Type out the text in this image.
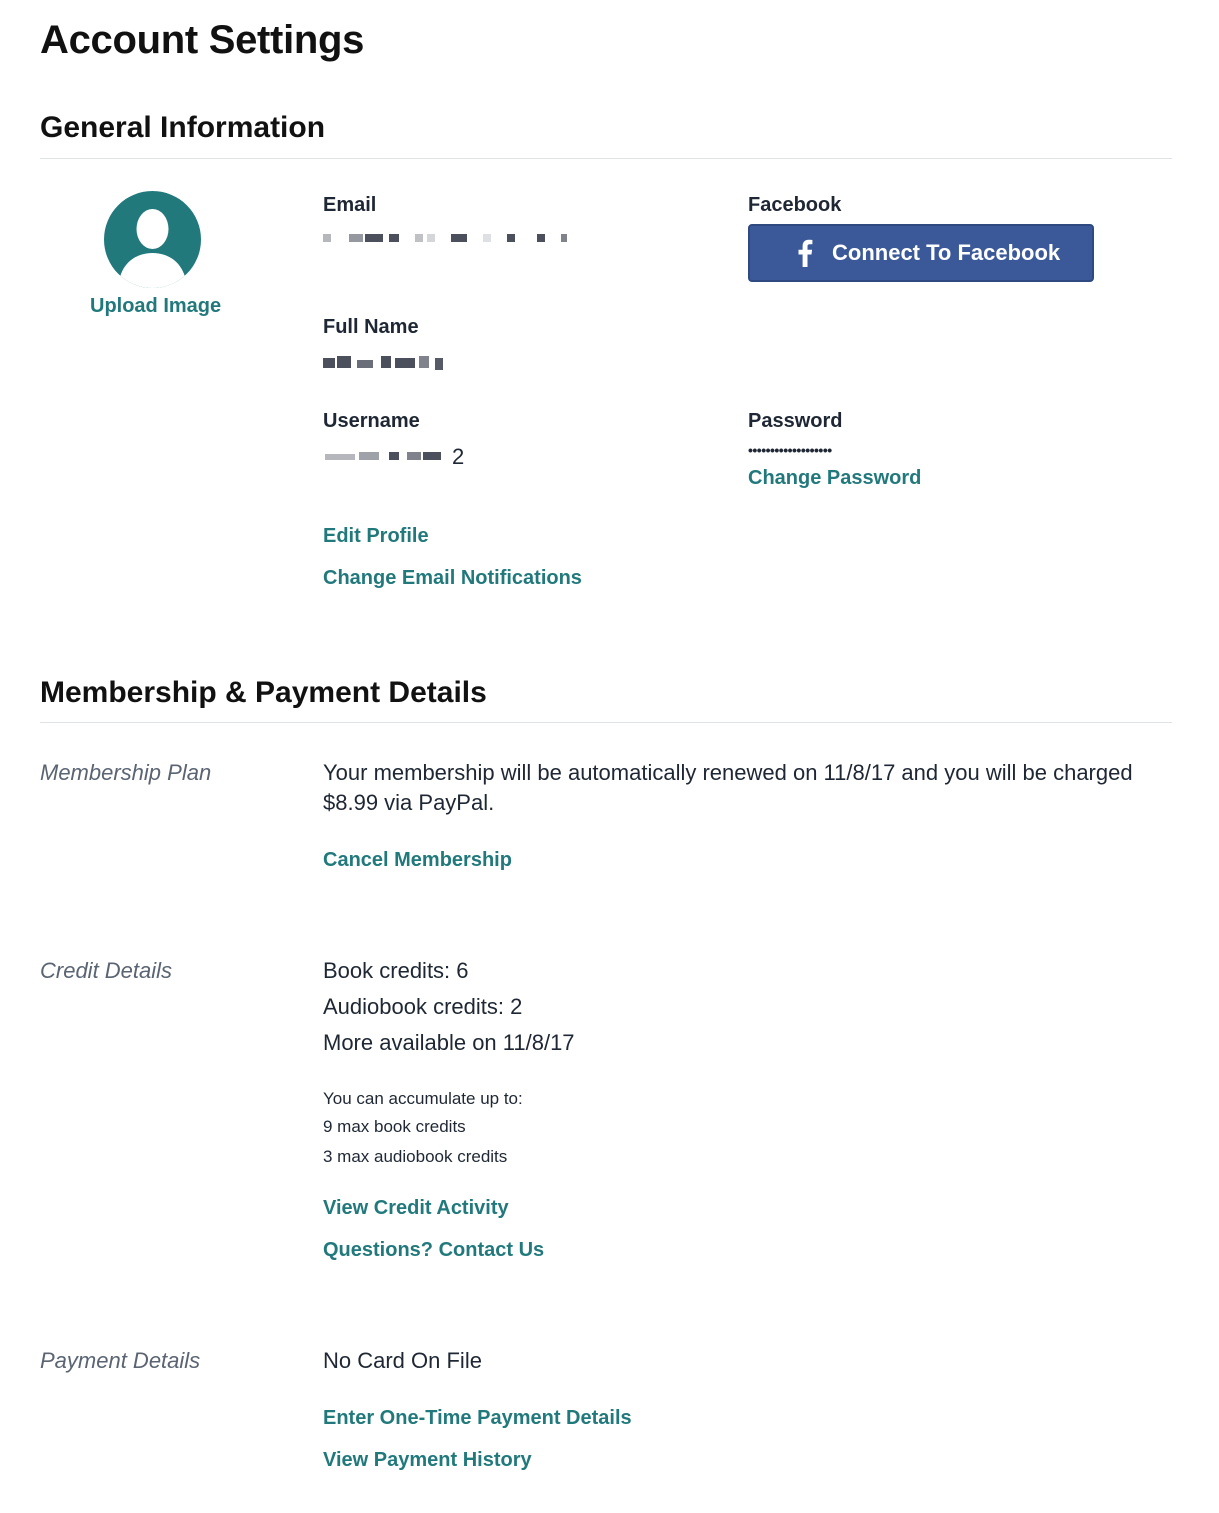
Account Settings
General Information
Upload Image
Email	Facebook
Connect To Facebook
Full Name
Username
2
Password
•••••••••••••••••••
Change Password
Edit Profile
Change Email Notifications
Membership & Payment Details
Membership Plan	Your membership will be automatically renewed on 11/8/17 and you will be charged $8.99 via PayPal.
Cancel Membership
Credit Details	Book credits: 6
Audiobook credits: 2
More available on 11/8/17
You can accumulate up to:
9 max book credits
3 max audiobook credits
View Credit Activity
Questions? Contact Us
Payment Details	No Card On File
Enter One-Time Payment Details
View Payment History
